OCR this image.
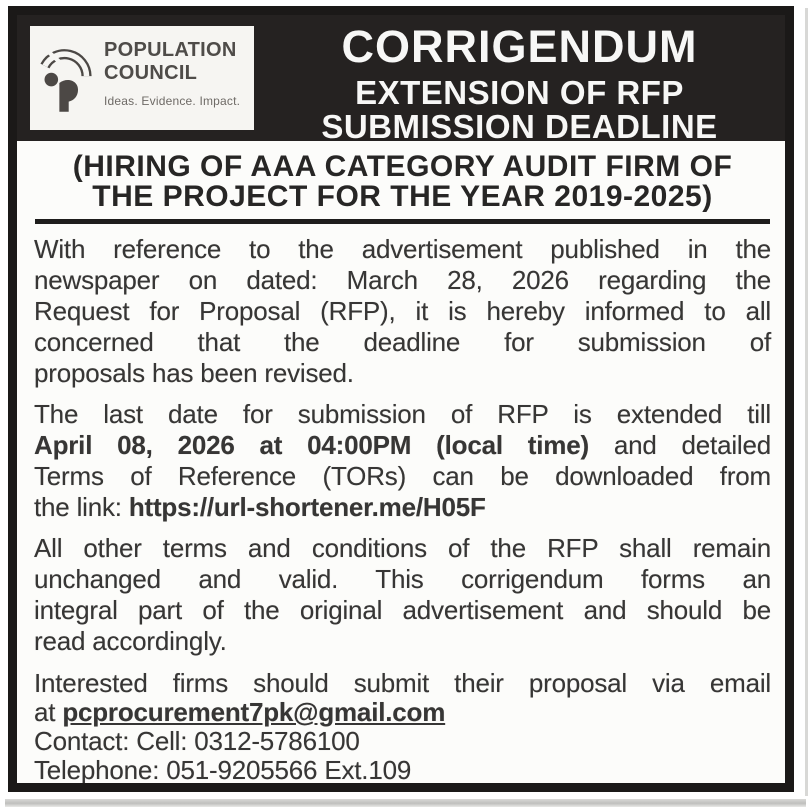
POPULATION
COUNCIL
Ideas. Evidence. Impact.
CORRIGENDUM
EXTENSION OF RFP
SUBMISSION DEADLINE
(HIRING OF AAA CATEGORY AUDIT FIRM OF
THE PROJECT FOR THE YEAR 2019-2025)
With reference to the advertisement published in the
newspaper on dated: March 28, 2026 regarding the
Request for Proposal (RFP), it is hereby informed to all
concerned that the deadline for submission of
proposals has been revised.
The last date for submission of RFP is extended till
April 08, 2026 at 04:00PM (local time) and detailed
Terms of Reference (TORs) can be downloaded from
the link: https://url-shortener.me/H05F
All other terms and conditions of the RFP shall remain
unchanged and valid. This corrigendum forms an
integral part of the original advertisement and should be
read accordingly.
Interested firms should submit their proposal via email
at pcprocurement7pk@gmail.com
Contact: Cell: 0312-5786100
Telephone: 051-9205566 Ext.109
